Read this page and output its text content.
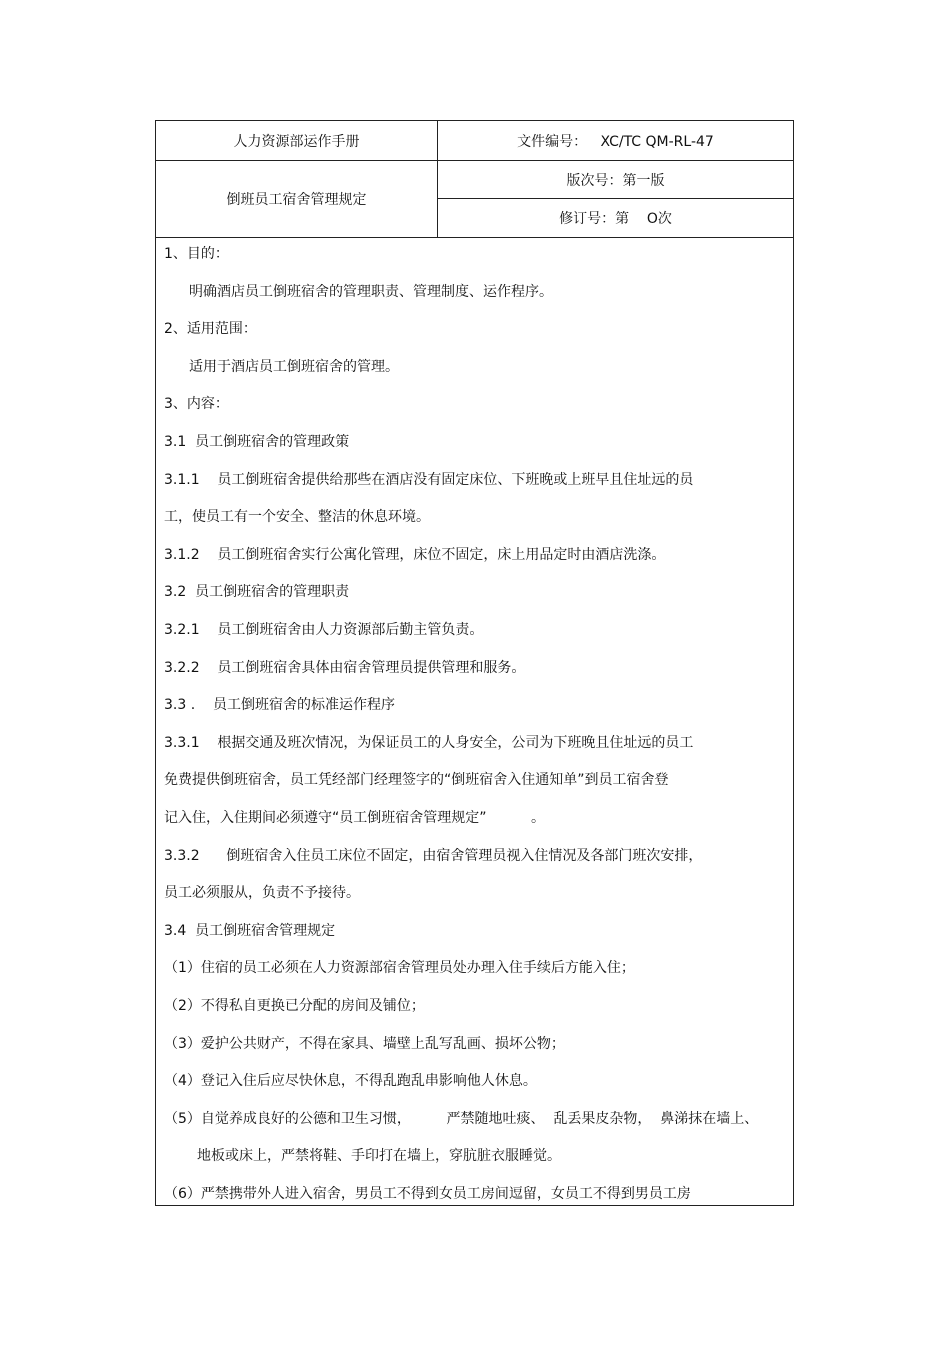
人力资源部运作手册	文件编号：   XC/TC QM-RL-47
倒班员工宿舍管理规定
版次号：第一版
修订号：第    O次
1、目的：
明确酒店员工倒班宿舍的管理职责、管理制度、运作程序。
2、适用范围：
适用于酒店员工倒班宿舍的管理。
3、内容：
3.1  员工倒班宿舍的管理政策
3.1.1    员工倒班宿舍提供给那些在酒店没有固定床位、下班晚或上班早且住址远的员
工，使员工有一个安全、整洁的休息环境。
3.1.2    员工倒班宿舍实行公寓化管理，床位不固定，床上用品定时由酒店洗涤。
3.2  员工倒班宿舍的管理职责
3.2.1    员工倒班宿舍由人力资源部后勤主管负责。
3.2.2    员工倒班宿舍具体由宿舍管理员提供管理和服务。
3.3 .    员工倒班宿舍的标准运作程序
3.3.1    根据交通及班次情况，为保证员工的人身安全，公司为下班晚且住址远的员工
免费提供倒班宿舍，员工凭经部门经理签字的“倒班宿舍入住通知单”到员工宿舍登
记入住，入住期间必须遵守“员工倒班宿舍管理规定”          。
3.3.2      倒班宿舍入住员工床位不固定，由宿舍管理员视入住情况及各部门班次安排，
员工必须服从，负责不予接待。
3.4  员工倒班宿舍管理规定
（1）住宿的员工必须在人力资源部宿舍管理员处办理入住手续后方能入住；
（2）不得私自更换已分配的房间及铺位；
（3）爱护公共财产，不得在家具、墙壁上乱写乱画、损坏公物；
（4）登记入住后应尽快休息，不得乱跑乱串影响他人休息。
（5）自觉养成良好的公德和卫生习惯，        严禁随地吐痰、  乱丢果皮杂物，  鼻涕抹在墙上、
地板或床上，严禁将鞋、手印打在墙上，穿肮脏衣服睡觉。
（6）严禁携带外人进入宿舍，男员工不得到女员工房间逗留，女员工不得到男员工房
